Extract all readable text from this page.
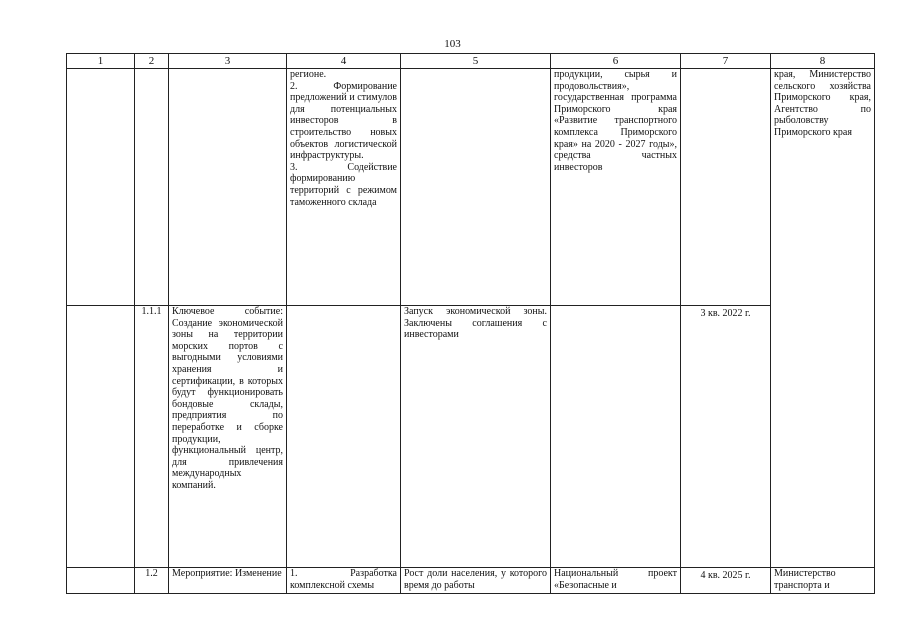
103
1	2	3	4	5	6	7	8

			регионе.
2. Формирование предложений и стимулов для потенциальных инвесторов в строительство новых объектов логистической инфраструктуры.
3. Содействие формированию территорий с режимом таможенного склада		продукции, сырья и продовольствия», государственная программа Приморского края «Развитие транспортного комплекса Приморского края» на 2020 - 2027 годы», средства частных инвесторов		края, Министерство сельского хозяйства Приморского края, Агентство по рыболовству Приморского края
	1.1.1	Ключевое событие: Создание экономической зоны на территории морских портов с выгодными условиями хранения и сертификации, в которых будут функционировать бондовые склады, предприятия по переработке и сборке продукции, функциональный центр, для привлечения международных компаний.		Запуск экономической зоны. Заключены соглашения с инвесторами		3 кв. 2022 г.	
	1.2	Мероприятие: Изменение	1. Разработка комплексной схемы	Рост доли населения, у которого время до работы	Национальный проект «Безопасные и	4 кв. 2025 г.	Министерство транспорта и
